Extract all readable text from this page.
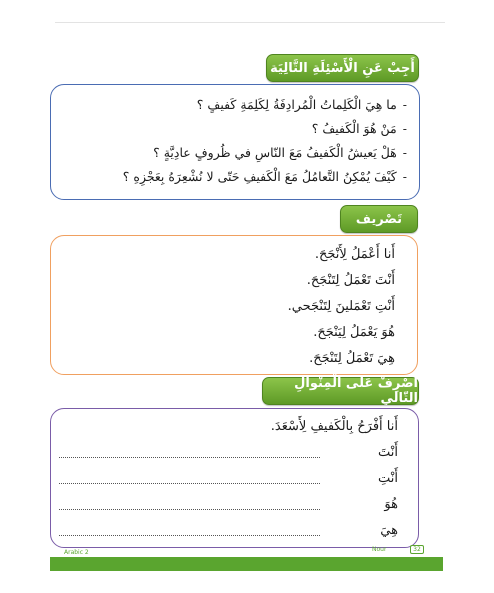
أَجِبْ عَنِ الْأَسْئِلَةِ التَّالِيَة
-ما هِيَ الْكَلِماتُ الْمُرادِفَةُ لِكَلِمَةِ كَفيفٍ ؟
-مَنْ هُوَ الْكَفيفُ ؟
-هَلْ يَعيشُ الْكَفيفُ مَعَ النّاسِ في ظُروفٍ عادِيَّةٍ ؟
-كَيْفَ يُمْكِنُ التَّعامُلُ مَعَ الْكَفيفِ حَتّى لا نُشْعِرَهُ بِعَجْزِهِ ؟
تَصْريف
أَنا أَعْمَلُ لِأَنْجَحَ.
أَنْتَ تَعْمَلُ لِتَنْجَحَ.
أَنْتِ تَعْمَلينَ لِتَنْجَحي.
هُوَ يَعْمَلُ لِيَنْجَحَ.
هِيَ تَعْمَلُ لِتَنْجَحَ.
أَصْرِفْ عَلى الْمِنْوالِ التّالي
أَنا أَفْرَحُ بِالْكَفيفِ لِأَسْعَدَ.
أَنْتَ
أَنْتِ
هُوَ
هِيَ
Arabic 2	Nour	32
